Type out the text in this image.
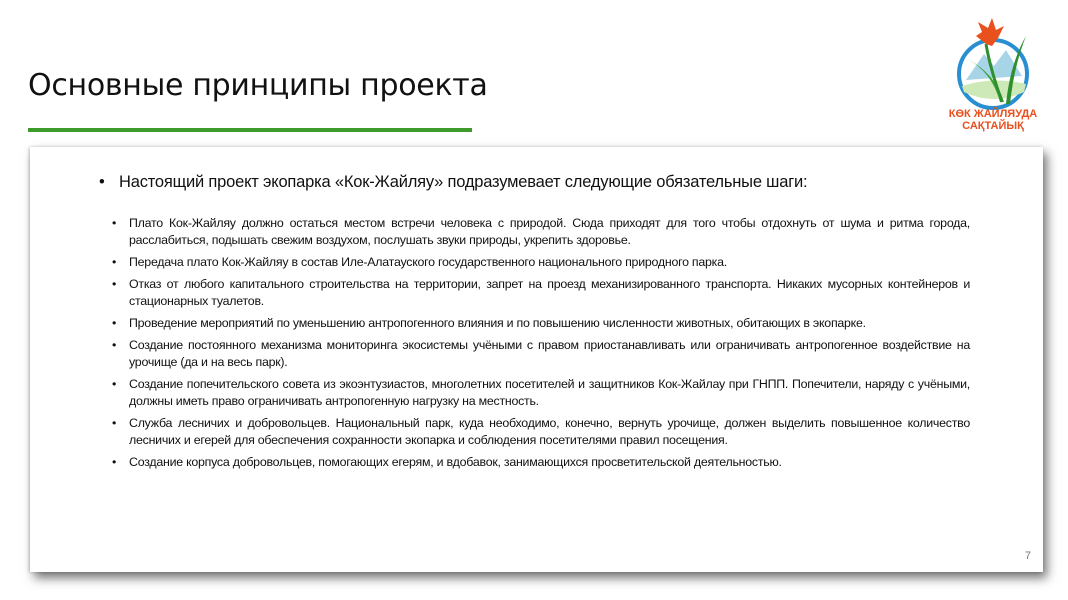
Основные принципы проекта
КӨК ЖАЙЛЯУДА
САҚТАЙЫҚ
• Настоящий проект экопарка «Кок-Жайляу» подразумевает следующие обязательные шаги:
• Плато Кок-Жайляу должно остаться местом встречи человека с природой. Сюда приходят для того чтобы отдохнуть от шума и ритма города, расслабиться, подышать свежим воздухом, послушать звуки природы, укрепить здоровье.
• Передача плато Кок-Жайляу в состав Иле-Алатауского государственного национального природного парка.
• Отказ от любого капитального строительства на территории, запрет на проезд механизированного транспорта. Никаких мусорных контейнеров и стационарных туалетов.
• Проведение мероприятий по уменьшению антропогенного влияния и по повышению численности животных, обитающих в экопарке.
• Создание постоянного механизма мониторинга экосистемы учёными с правом приостанавливать или ограничивать антропогенное воздействие на урочище (да и на весь парк).
• Создание попечительского совета из экоэнтузиастов, многолетних посетителей и защитников Кок-Жайлау при ГНПП. Попечители, наряду с учёными, должны иметь право ограничивать антропогенную нагрузку на местность.
• Служба лесничих и добровольцев. Национальный парк, куда необходимо, конечно, вернуть урочище, должен выделить повышенное количество лесничих и егерей для обеспечения сохранности экопарка и соблюдения посетителями правил посещения.
• Создание корпуса добровольцев, помогающих егерям, и вдобавок, занимающихся просветительской деятельностью.
7
